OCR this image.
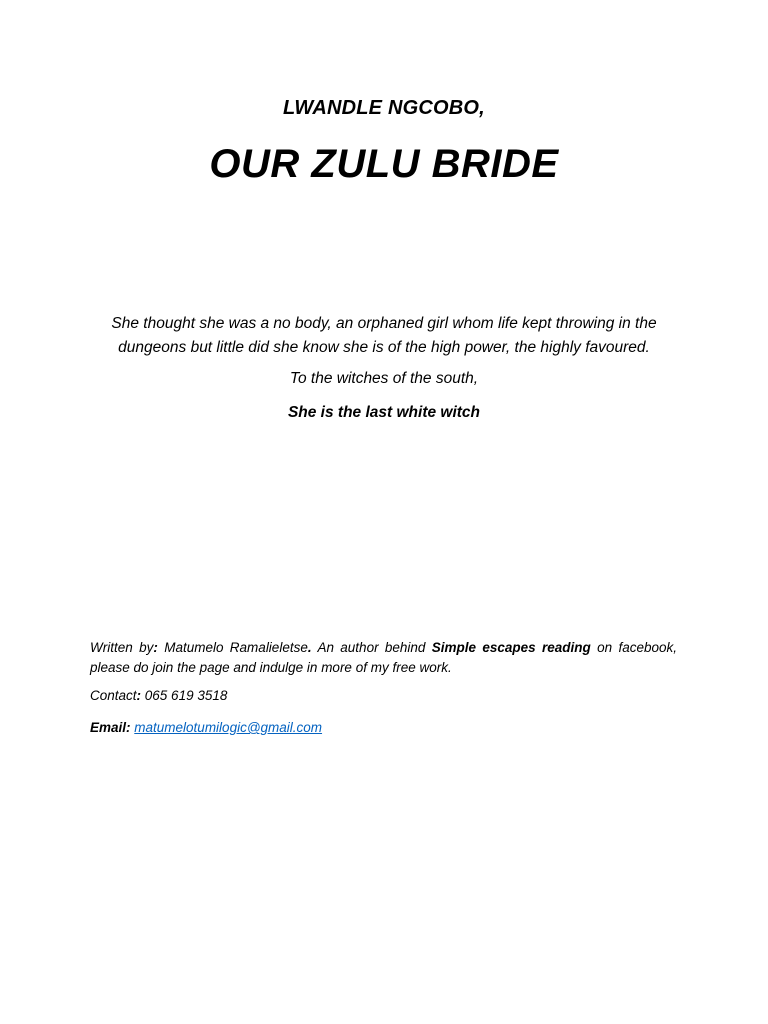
LWANDLE NGCOBO,
OUR ZULU BRIDE

She thought she was a no body, an orphaned girl whom life kept throwing in the dungeons but little did she know she is of the high power, the highly favoured.

To the witches of the south,
She is the last white witch

Written by: Matumelo Ramalieletse. An author behind Simple escapes reading on facebook, please do join the page and indulge in more of my free work.

Contact: 065 619 3518
Email: matumelotumilogic@gmail.com
